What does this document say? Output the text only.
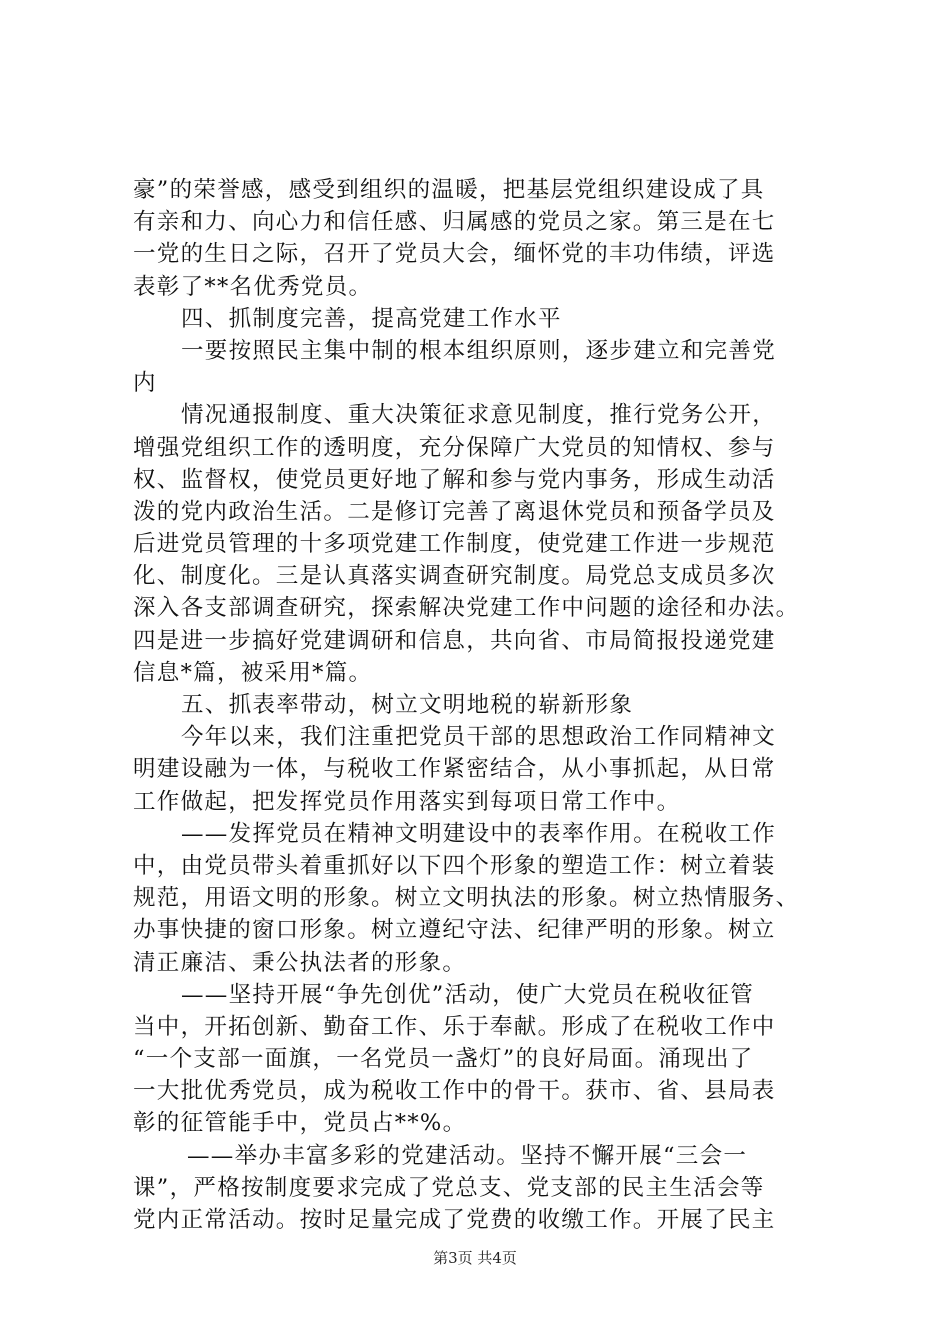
豪”的荣誉感，感受到组织的温暖，把基层党组织建设成了具
有亲和力、向心力和信任感、归属感的党员之家。第三是在七
一党的生日之际，召开了党员大会，缅怀党的丰功伟绩，评选
表彰了**名优秀党员。
四、抓制度完善，提高党建工作水平
一要按照民主集中制的根本组织原则，逐步建立和完善党
内
情况通报制度、重大决策征求意见制度，推行党务公开，
增强党组织工作的透明度，充分保障广大党员的知情权、参与
权、监督权，使党员更好地了解和参与党内事务，形成生动活
泼的党内政治生活。二是修订完善了离退休党员和预备学员及
后进党员管理的十多项党建工作制度，使党建工作进一步规范
化、制度化。三是认真落实调查研究制度。局党总支成员多次
深入各支部调查研究，探索解决党建工作中问题的途径和办法。
四是进一步搞好党建调研和信息，共向省、市局简报投递党建
信息*篇，被采用*篇。
五、抓表率带动，树立文明地税的崭新形象
今年以来，我们注重把党员干部的思想政治工作同精神文
明建设融为一体，与税收工作紧密结合，从小事抓起，从日常
工作做起，把发挥党员作用落实到每项日常工作中。
——发挥党员在精神文明建设中的表率作用。在税收工作
中，由党员带头着重抓好以下四个形象的塑造工作：树立着装
规范，用语文明的形象。树立文明执法的形象。树立热情服务、
办事快捷的窗口形象。树立遵纪守法、纪律严明的形象。树立
清正廉洁、秉公执法者的形象。
——坚持开展“争先创优”活动，使广大党员在税收征管
当中，开拓创新、勤奋工作、乐于奉献。形成了在税收工作中
“一个支部一面旗，一名党员一盏灯”的良好局面。涌现出了
一大批优秀党员，成为税收工作中的骨干。获市、省、县局表
彰的征管能手中，党员占**%。
——举办丰富多彩的党建活动。坚持不懈开展“三会一
课”，严格按制度要求完成了党总支、党支部的民主生活会等
党内正常活动。按时足量完成了党费的收缴工作。开展了民主
第3页 共4页
